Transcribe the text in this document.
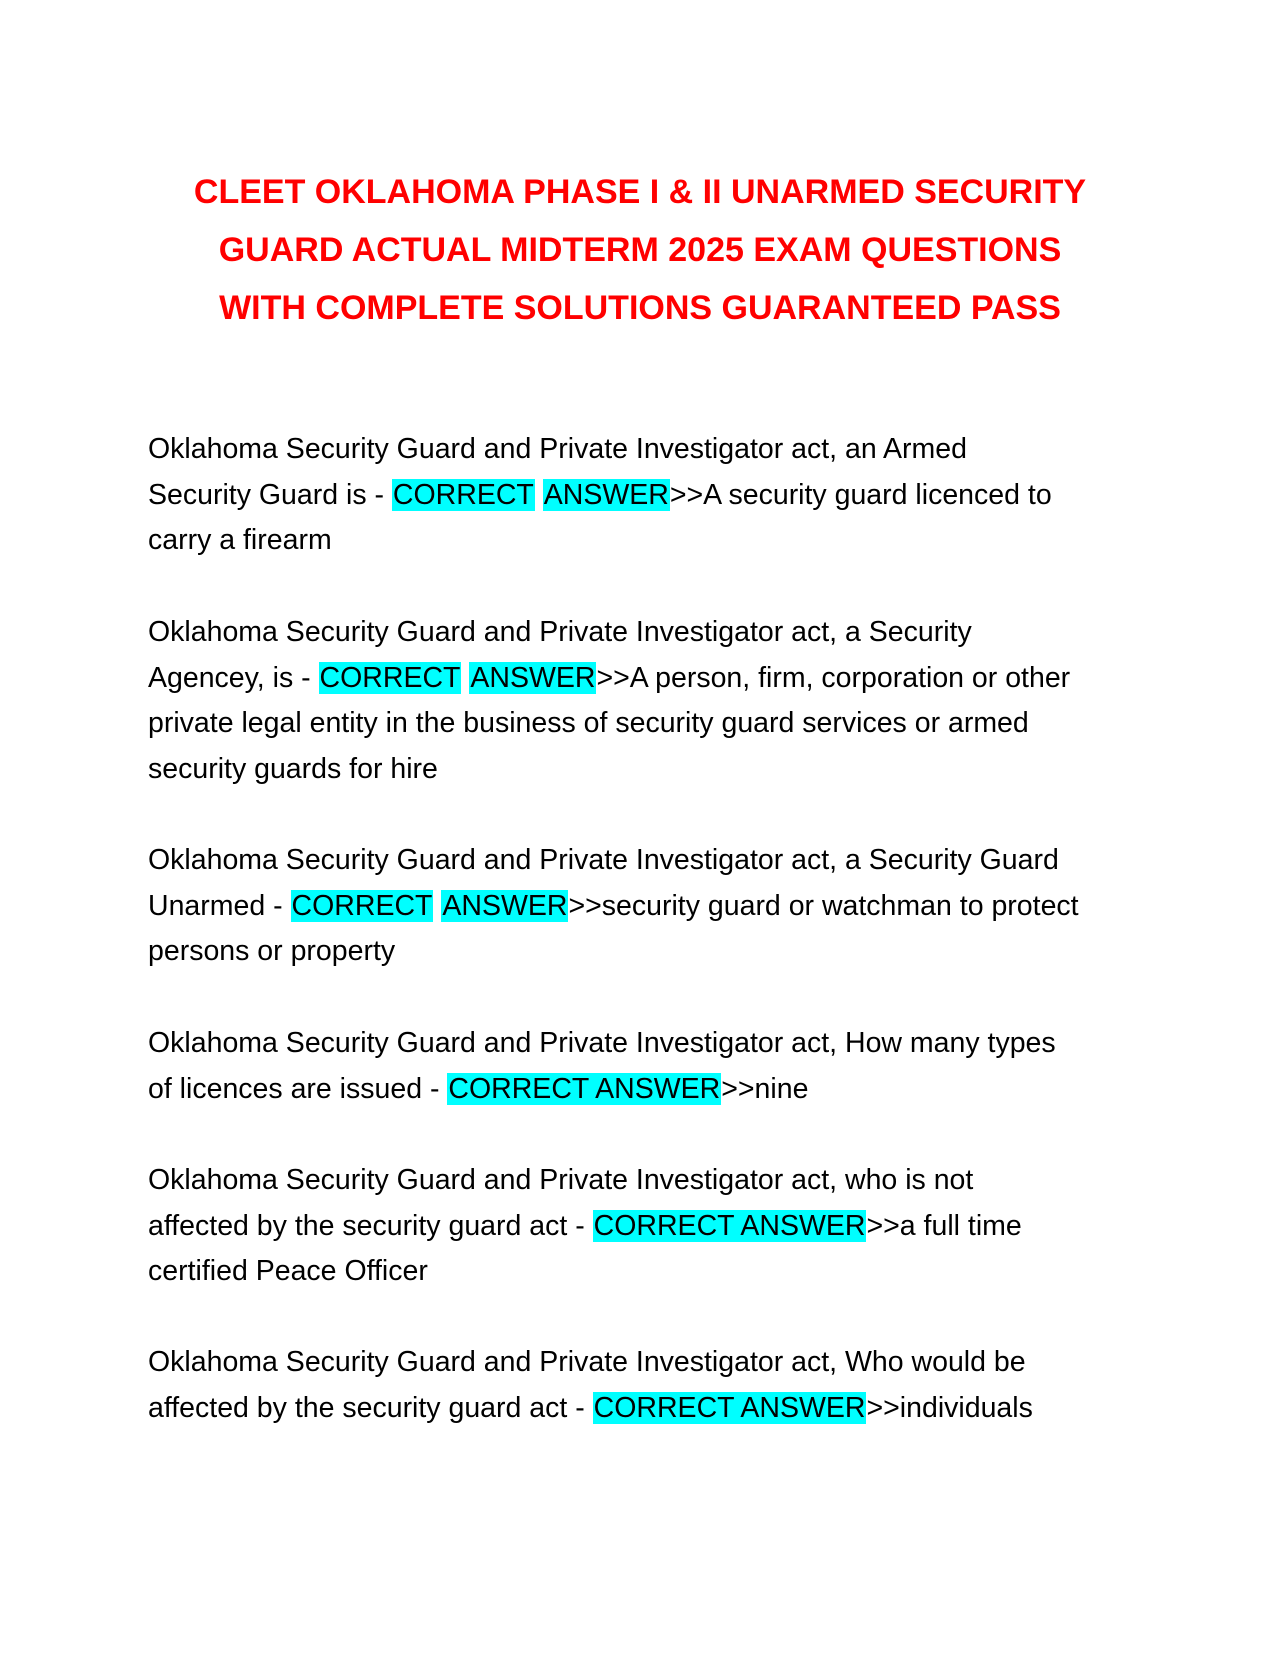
CLEET OKLAHOMA PHASE I & II UNARMED SECURITY
GUARD ACTUAL MIDTERM 2025 EXAM QUESTIONS
WITH COMPLETE SOLUTIONS GUARANTEED PASS

Oklahoma Security Guard and Private Investigator act, an Armed
Security Guard is - CORRECT ANSWER>>A security guard licenced to
carry a firearm

Oklahoma Security Guard and Private Investigator act, a Security
Agencey, is - CORRECT ANSWER>>A person, firm, corporation or other
private legal entity in the business of security guard services or armed
security guards for hire

Oklahoma Security Guard and Private Investigator act, a Security Guard
Unarmed - CORRECT ANSWER>>security guard or watchman to protect
persons or property

Oklahoma Security Guard and Private Investigator act, How many types
of licences are issued - CORRECT ANSWER>>nine

Oklahoma Security Guard and Private Investigator act, who is not
affected by the security guard act - CORRECT ANSWER>>a full time
certified Peace Officer

Oklahoma Security Guard and Private Investigator act, Who would be
affected by the security guard act - CORRECT ANSWER>>individuals
